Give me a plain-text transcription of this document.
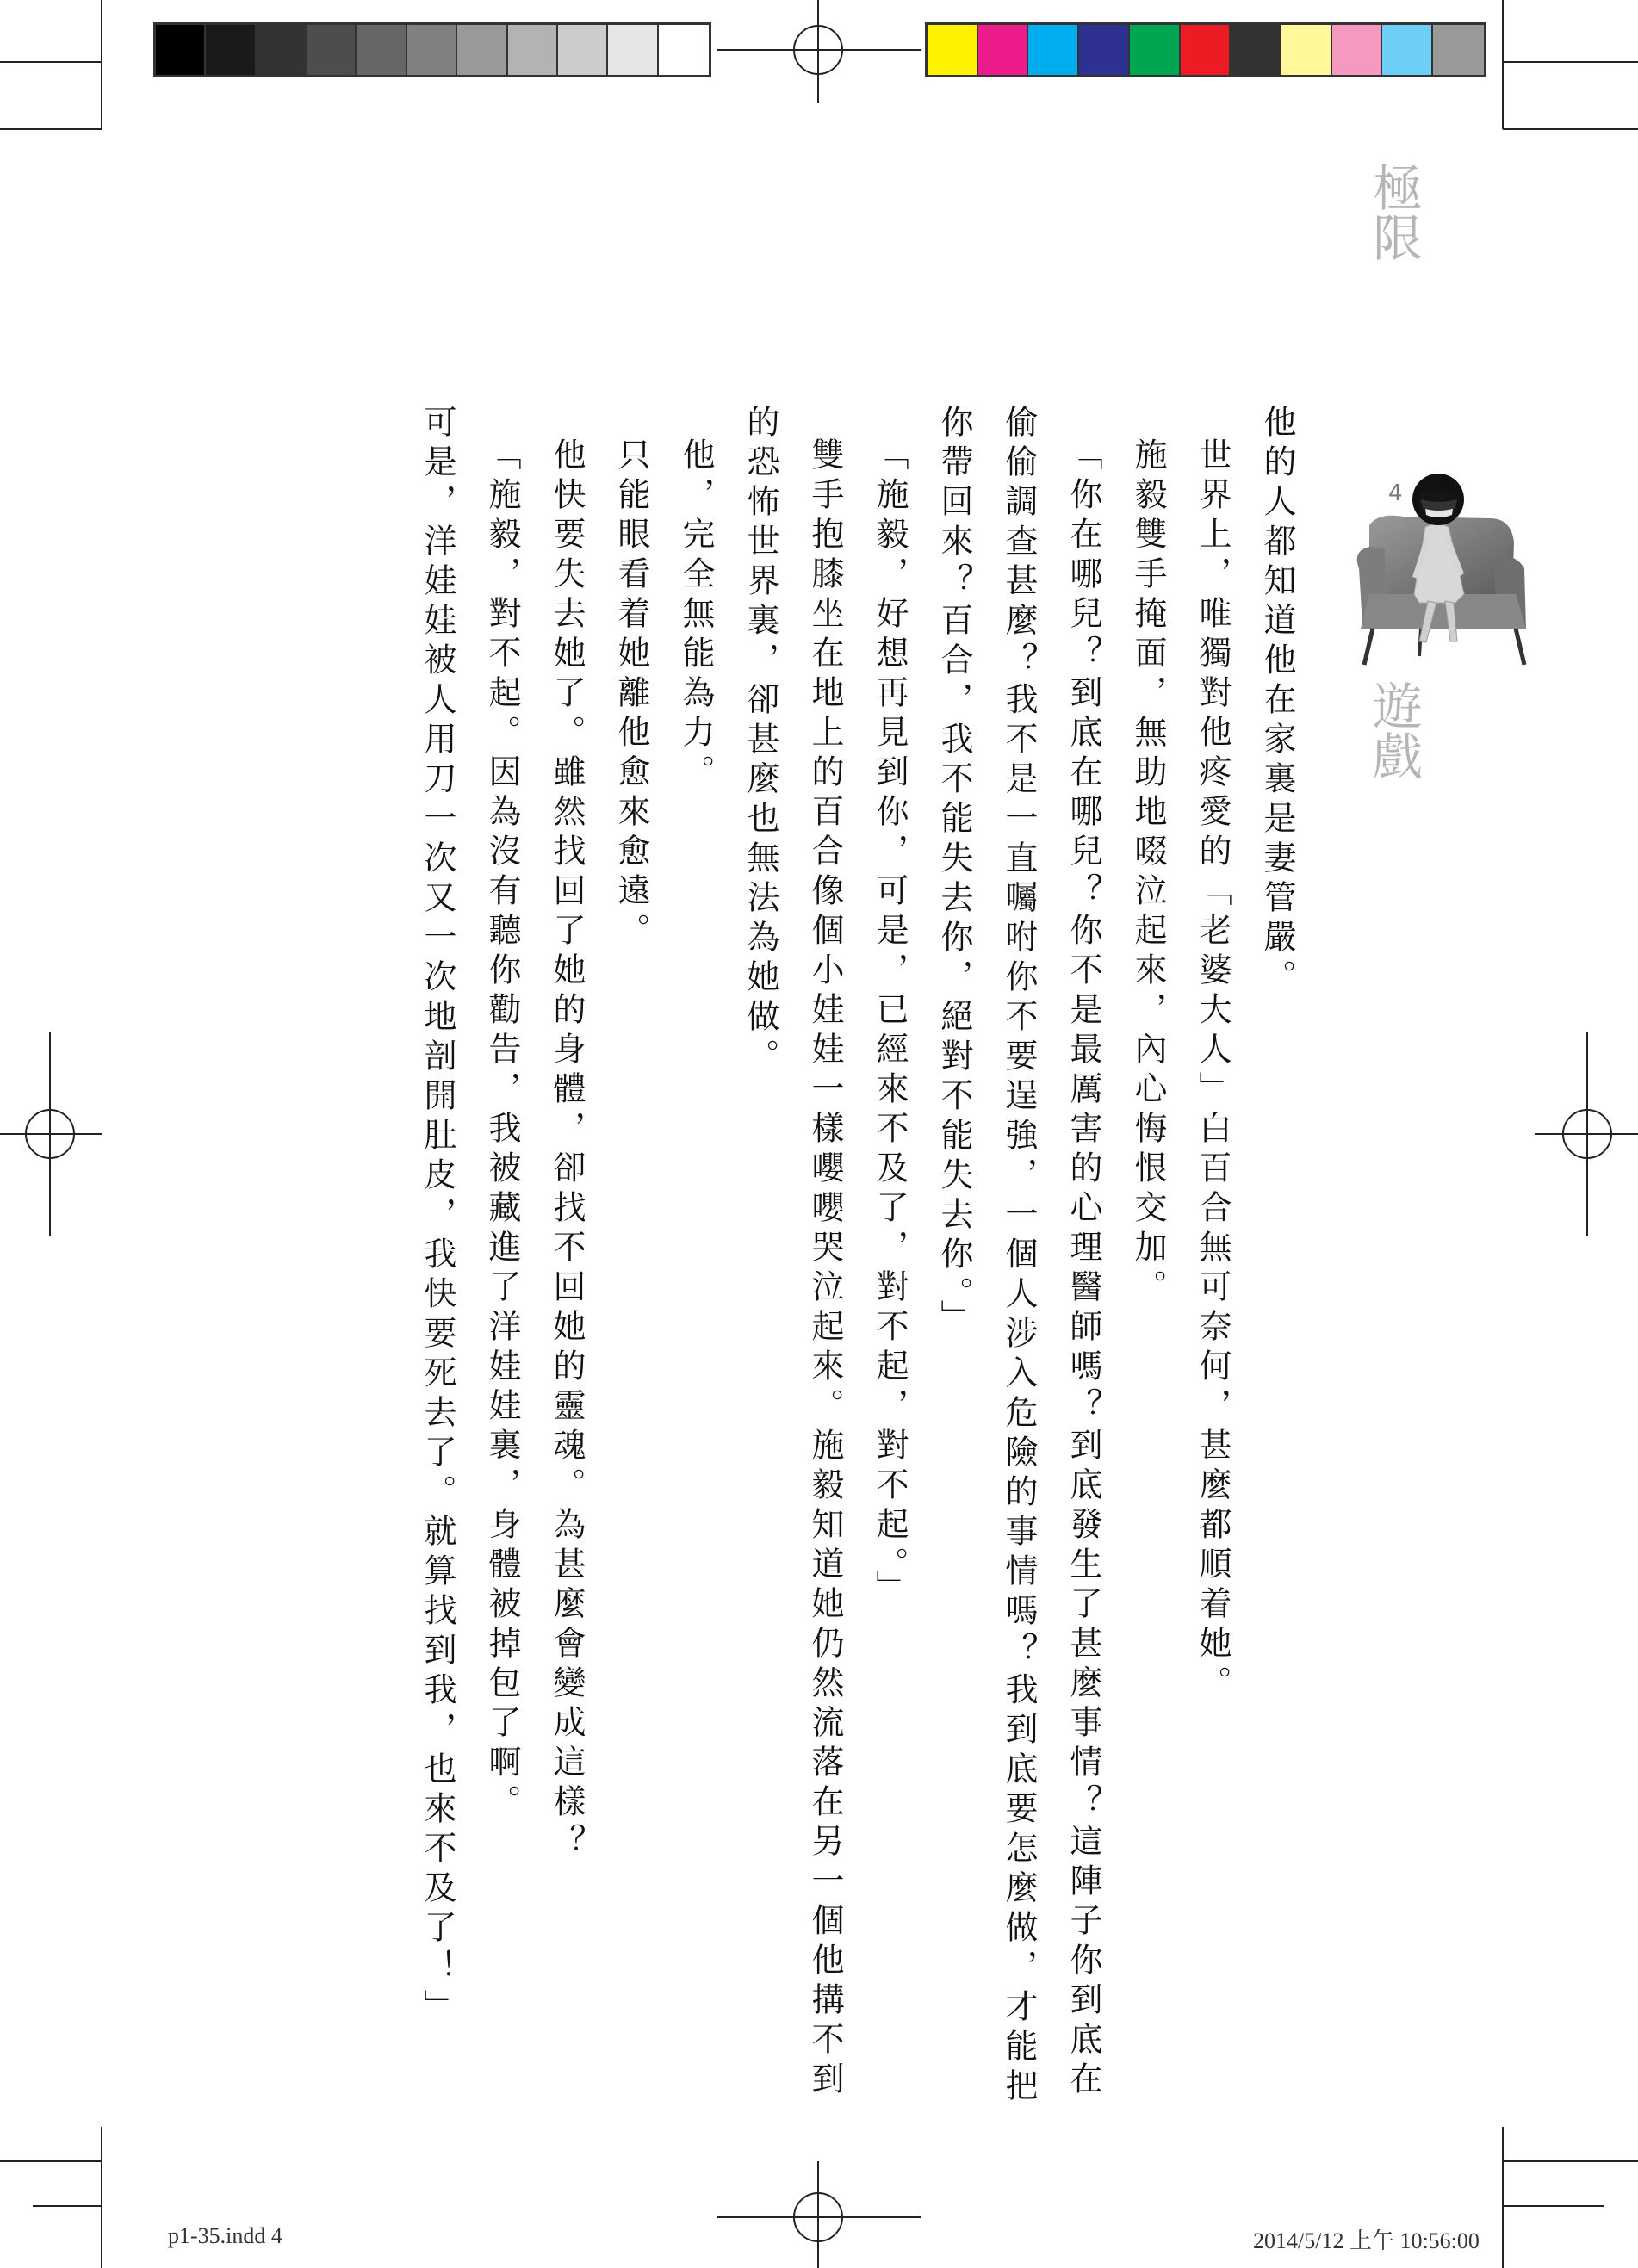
極
限
遊
戲
4

他的人都知道他在家裏是妻管嚴。

世界上，唯獨對他疼愛的「老婆大人」白百合無可奈何，甚麼都順着她。

施毅雙手掩面，無助地啜泣起來，內心悔恨交加。

「你在哪兒？到底在哪兒？你不是最厲害的心理醫師嗎？到底發生了甚麼事情？這陣子你到底在偷偷調查甚麼？我不是一直囑咐你不要逞強，一個人涉入危險的事情嗎？我到底要怎麼做，才能把你帶回來？百合，我不能失去你，絕對不能失去你。」

「施毅，好想再見到你，可是，已經來不及了，對不起，對不起。」

雙手抱膝坐在地上的百合像個小娃娃一樣嚶嚶哭泣起來。施毅知道她仍然流落在另一個他搆不到的恐怖世界裏，卻甚麼也無法為她做。

他，完全無能為力。

只能眼看着她離他愈來愈遠。

他快要失去她了。雖然找回了她的身體，卻找不回她的靈魂。為甚麼會變成這樣？

「施毅，對不起。因為沒有聽你勸告，我被藏進了洋娃娃裏，身體被掉包了啊。

可是，洋娃娃被人用刀一次又一次地剖開肚皮，我快要死去了。就算找到我，也來不及了！」

p1-35.indd 4	2014/5/12 上午 10:56:00
